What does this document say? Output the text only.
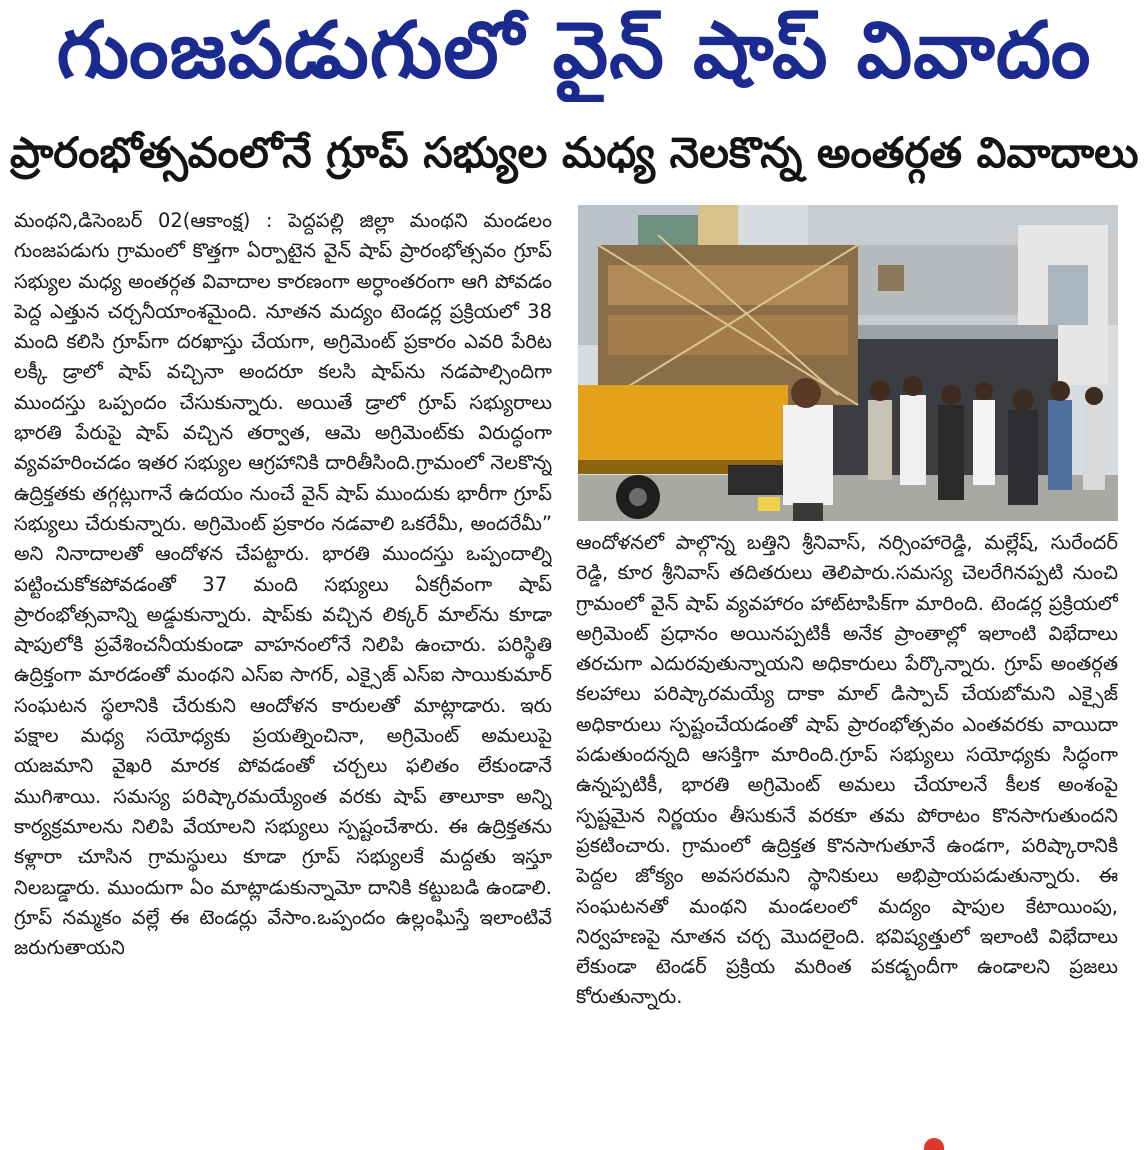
గుంజపడుగులో వైన్ షాప్ వివాదం
ప్రారంభోత్సవంలోనే గ్రూప్ సభ్యుల మధ్య నెలకొన్న అంతర్గత వివాదాలు

మంథని,డిసెంబర్ 02(ఆకాంక్ష) : పెద్దపల్లి జిల్లా మంథని మండలం గుంజపడుగు గ్రామంలో కొత్తగా ఏర్పాటైన వైన్ షాప్ ప్రారంభోత్సవం గ్రూప్ సభ్యుల మధ్య అంతర్గత వివాదాల కారణంగా అర్ధాంతరంగా ఆగి పోవడం పెద్ద ఎత్తున చర్చనీయాంశమైంది. నూతన మద్యం టెండర్ల ప్రక్రియలో 38 మంది కలిసి గ్రూప్‌గా దరఖాస్తు చేయగా, అగ్రిమెంట్ ప్రకారం ఎవరి పేరిట లక్కీ డ్రాలో షాప్ వచ్చినా అందరూ కలసి షాప్‌ను నడపాల్సిందిగా ముందస్తు ఒప్పందం చేసుకున్నారు. అయితే డ్రాలో గ్రూప్ సభ్యురాలు భారతి పేరుపై షాప్ వచ్చిన తర్వాత, ఆమె అగ్రిమెంట్‌కు విరుద్ధంగా వ్యవహరించడం ఇతర సభ్యుల ఆగ్రహానికి దారితీసింది.గ్రామంలో నెలకొన్న ఉద్రిక్తతకు తగ్గట్లుగానే ఉదయం నుంచే వైన్ షాప్ ముందుకు భారీగా గ్రూప్ సభ్యులు చేరుకున్నారు. అగ్రిమెంట్ ప్రకారం నడవాలి ఒకరేమీ, అందరేమీ” అని నినాదాలతో ఆందోళన చేపట్టారు. భారతి ముందస్తు ఒప్పందాల్ని పట్టించుకోకపోవడంతో 37 మంది సభ్యులు ఏకగ్రీవంగా షాప్ ప్రారంభోత్సవాన్ని అడ్డుకున్నారు. షాప్‌కు వచ్చిన లిక్కర్ మాల్‌ను కూడా షాపులోకి ప్రవేశించనీయకుండా వాహనంలోనే నిలిపి ఉంచారు. పరిస్థితి ఉద్రిక్తంగా మారడంతో మంథని ఎస్ఐ సాగర్, ఎక్సైజ్ ఎస్ఐ సాయికుమార్ సంఘటన స్థలానికి చేరుకుని ఆందోళన కారులతో మాట్లాడారు. ఇరు పక్షాల మధ్య సయోధ్యకు ప్రయత్నించినా, అగ్రిమెంట్ అమలుపై యజమాని వైఖరి మారక పోవడంతో చర్చలు ఫలితం లేకుండానే ముగిశాయి. సమస్య పరిష్కారమయ్యేంత వరకు షాప్ తాలూకా అన్ని కార్యక్రమాలను నిలిపి వేయాలని సభ్యులు స్పష్టంచేశారు. ఈ ఉద్రిక్తతను కళ్లారా చూసిన గ్రామస్థులు కూడా గ్రూప్ సభ్యులకే మద్దతు ఇస్తూ నిలబడ్డారు. ముందుగా ఏం మాట్లాడుకున్నామో దానికి కట్టుబడి ఉండాలి. గ్రూప్ నమ్మకం వల్లే ఈ టెండర్లు వేసాం.ఒప్పందం ఉల్లంఘిస్తే ఇలాంటివే జరుగుతాయని

ఆందోళనలో పాల్గొన్న బత్తిని శ్రీనివాస్, నర్సింహారెడ్డి, మల్లేష్, సురేందర్ రెడ్డి, కూర శ్రీనివాస్ తదితరులు తెలిపారు.సమస్య చెలరేగినప్పటి నుంచి గ్రామంలో వైన్ షాప్ వ్యవహారం హాట్‌టాపిక్‌గా మారింది. టెండర్ల ప్రక్రియలో అగ్రిమెంట్ ప్రధానం అయినప్పటికీ అనేక ప్రాంతాల్లో ఇలాంటి విభేదాలు తరచుగా ఎదురవుతున్నాయని అధికారులు పేర్కొన్నారు. గ్రూప్ అంతర్గత కలహాలు పరిష్కారమయ్యే దాకా మాల్ డిస్పాచ్ చేయబోమని ఎక్సైజ్ అధికారులు స్పష్టంచేయడంతో షాప్ ప్రారంభోత్సవం ఎంతవరకు వాయిదా పడుతుందన్నది ఆసక్తిగా మారింది.గ్రూప్ సభ్యులు సయోధ్యకు సిద్ధంగా ఉన్నప్పటికీ, భారతి అగ్రిమెంట్ అమలు చేయాలనే కీలక అంశంపై స్పష్టమైన నిర్ణయం తీసుకునే వరకూ తమ పోరాటం కొనసాగుతుందని ప్రకటించారు. గ్రామంలో ఉద్రిక్తత కొనసాగుతూనే ఉండగా, పరిష్కారానికి పెద్దల జోక్యం అవసరమని స్థానికులు అభిప్రాయపడుతున్నారు. ఈ సంఘటనతో మంథని మండలంలో మద్యం షాపుల కేటాయింపు, నిర్వహణపై నూతన చర్చ మొదలైంది. భవిష్యత్తులో ఇలాంటి విభేదాలు లేకుండా టెండర్ ప్రక్రియ మరింత పకడ్బందీగా ఉండాలని ప్రజలు కోరుతున్నారు.
